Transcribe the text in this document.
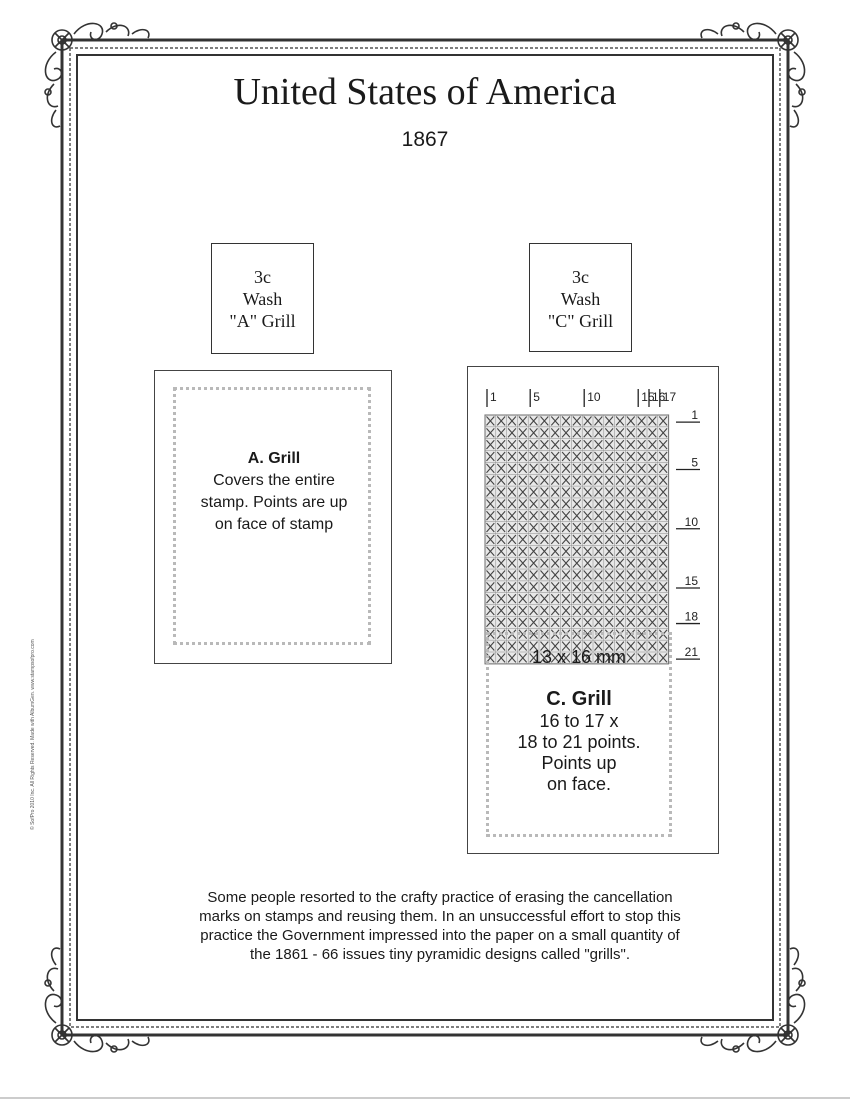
© SofPro 2010 Inc. All Rights Reserved. Made with AlbumGen. www.stampsofpro.com
United States of America
1867
3c
Wash
"A" Grill
A. Grill
Covers the entire
stamp. Points are up
on face of stamp
3c
Wash
"C" Grill
1	5	10	15
16
17
1
5
10
15
18
21
13 x 16 mm
C. Grill
16 to 17 x
18 to 21 points.
Points up
on face.
Some people resorted to the crafty practice of erasing the cancellation
marks on stamps and reusing them. In an unsuccessful effort to stop this
practice the Government impressed into the paper on a small quantity of
the 1861 - 66 issues tiny pyramidic designs called "grills".
